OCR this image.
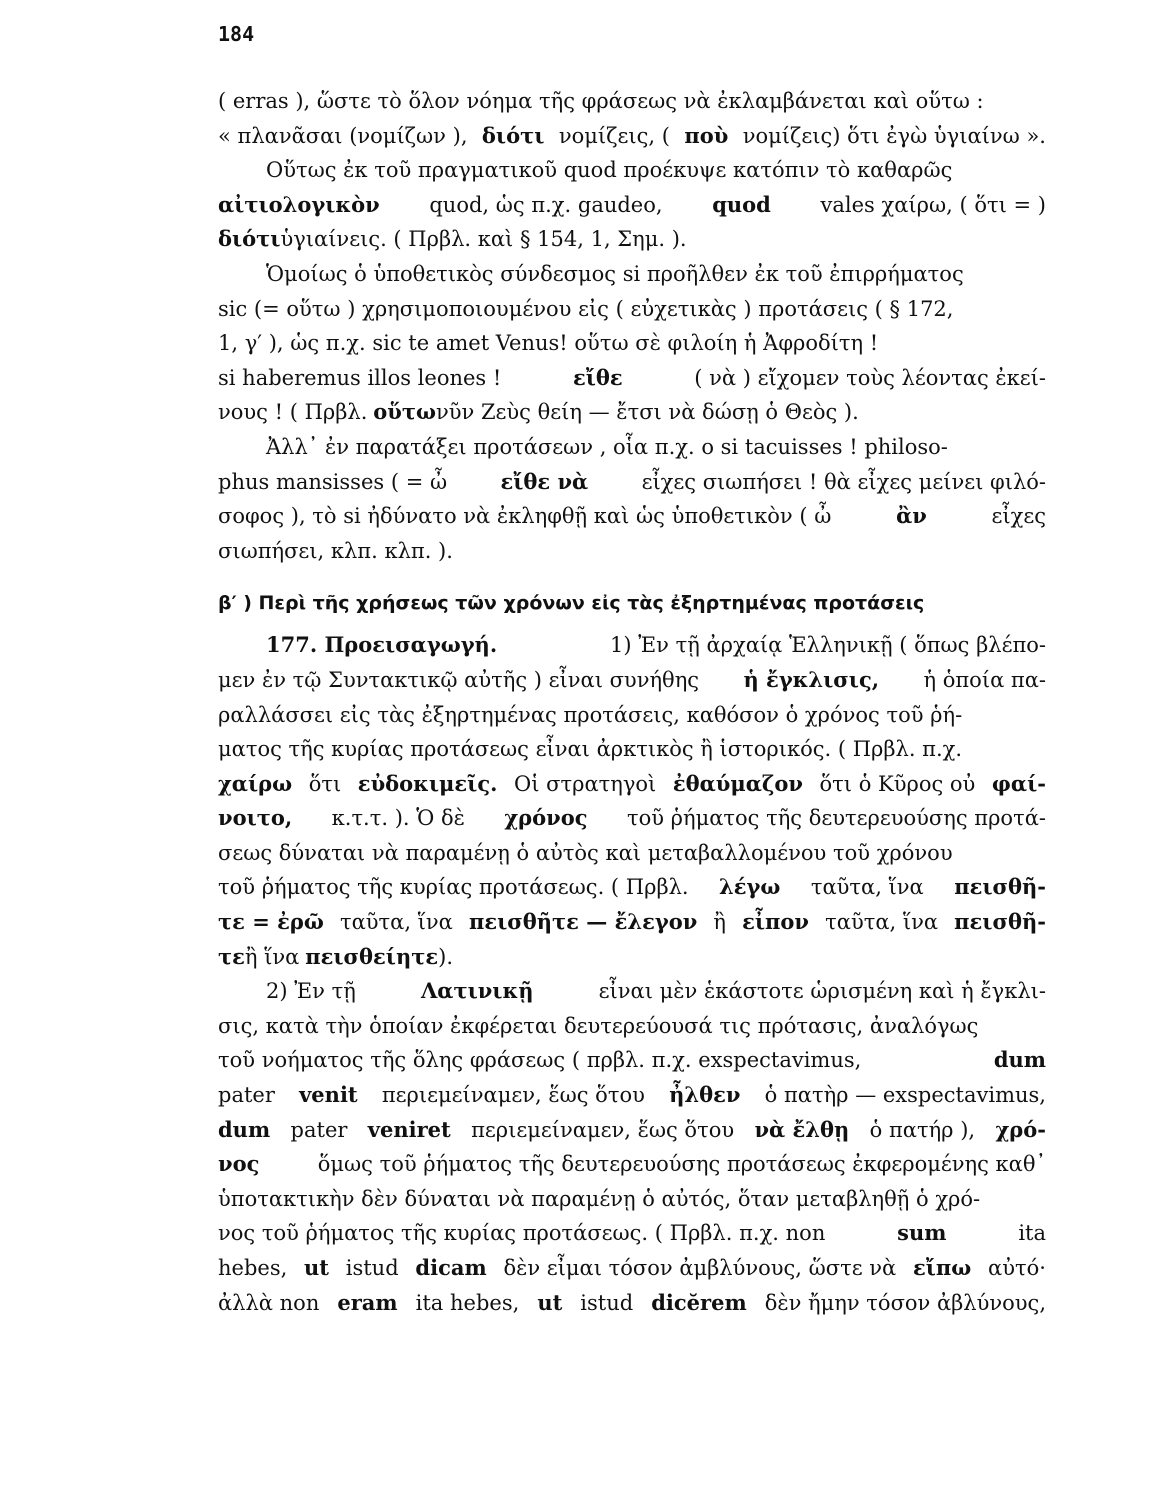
184
( erras ), ὥστε τὸ ὅλον νόημα τῆς φράσεως νὰ ἐκλαμβάνεται καὶ οὕτω :
« πλανᾶσαι (νομίζων ), διότι νομίζεις, ( ποὺ νομίζεις) ὅτι ἐγὼ ὑγιαίνω ».
Οὕτως ἐκ τοῦ πραγματικοῦ quod προέκυψε κατόπιν τὸ καθαρῶς
αἰτιολογικὸν quod, ὡς π.χ. gaudeo, quod vales χαίρω, ( ὅτι = )
διότι ὑγιαίνεις. ( Πρβλ. καὶ § 154, 1, Σημ. ).
Ὁμοίως ὁ ὑποθετικὸς σύνδεσμος si προῆλθεν ἐκ τοῦ ἐπιρρήματος
sic (= οὕτω ) χρησιμοποιουμένου εἰς ( εὐχετικὰς ) προτάσεις ( § 172,
1, γ′ ), ὡς π.χ. sic te amet Venus! οὕτω σὲ φιλοίη ἡ Ἀφροδίτη !
si haberemus illos leones !	εἴθε	( νὰ ) εἴχομεν τοὺς λέοντας ἐκεί-
νους ! ( Πρβλ. οὕτω νῦν Ζεὺς θείη — ἔτσι νὰ δώσῃ ὁ Θεὸς ).
Ἀλλ᾽ ἐν παρατάξει προτάσεων , οἷα π.χ. o si tacuisses ! philoso-
phus mansisses ( = ὦ	εἴθε νὰ	εἶχες σιωπήσει ! θὰ εἶχες μείνει φιλό-
σοφος ), τὸ si ἠδύνατο νὰ ἐκληφθῇ καὶ ὡς ὑποθετικὸν ( ὦ	ἂν	εἶχες
σιωπήσει, κλπ. κλπ. ).
β′ ) Περὶ τῆς χρήσεως τῶν χρόνων εἰς τὰς ἐξηρτημένας προτάσεις
177. Προεισαγωγή.	1) Ἐν τῇ ἀρχαίᾳ Ἑλληνικῇ ( ὅπως βλέπο-
μεν ἐν τῷ Συντακτικῷ αὐτῆς ) εἶναι συνήθης ἡ ἔγκλισις, ἡ ὁποία πα-
ραλλάσσει εἰς τὰς ἐξηρτημένας προτάσεις, καθόσον ὁ χρόνος τοῦ ῥή-
ματος τῆς κυρίας προτάσεως εἶναι ἀρκτικὸς ἢ ἱστορικός. ( Πρβλ. π.χ.
χαίρω ὅτι εὐδοκιμεῖς. Οἱ στρατηγοὶ ἐθαύμαζον ὅτι ὁ Κῦρος οὐ φαί-
νοιτο, κ.τ.τ. ). Ὁ δὲ χρόνος τοῦ ῥήματος τῆς δευτερευούσης προτά-
σεως δύναται νὰ παραμένῃ ὁ αὐτὸς καὶ μεταβαλλομένου τοῦ χρόνου
τοῦ ῥήματος τῆς κυρίας προτάσεως. ( Πρβλ. λέγω ταῦτα, ἵνα πεισθῆ-
τε = ἐρῶ ταῦτα, ἵνα πεισθῆτε — ἔλεγον ἢ εἶπον ταῦτα, ἵνα πεισθῆ-
τε ἢ ἵνα πεισθείητε ).
2) Ἐν τῇ	Λατινικῇ	εἶναι μὲν ἑκάστοτε ὡρισμένη καὶ ἡ ἔγκλι-
σις, κατὰ τὴν ὁποίαν ἐκφέρεται δευτερεύουσά τις πρότασις, ἀναλόγως
τοῦ νοήματος τῆς ὅλης φράσεως ( πρβλ. π.χ. exspectavimus,	dum
pater venit περιεμείναμεν, ἕως ὅτου ἦλθεν ὁ πατὴρ — exspectavimus,
dum pater veniret περιεμείναμεν, ἕως ὅτου νὰ ἔλθῃ ὁ πατήρ ), χρό-
νος	ὅμως τοῦ ῥήματος τῆς δευτερευούσης προτάσεως ἐκφερομένης καθ᾽
ὑποτακτικὴν δὲν δύναται νὰ παραμένῃ ὁ αὐτός, ὅταν μεταβληθῇ ὁ χρό-
νος τοῦ ῥήματος τῆς κυρίας προτάσεως. ( Πρβλ. π.χ. non	sum	ita
hebes, ut istud dicam δὲν εἶμαι τόσον ἀμβλύνους, ὥστε νὰ εἴπω αὐτό·
ἀλλὰ non eram ita hebes, ut istud dicĕrem δὲν ἤμην τόσον ἀβλύνους,
